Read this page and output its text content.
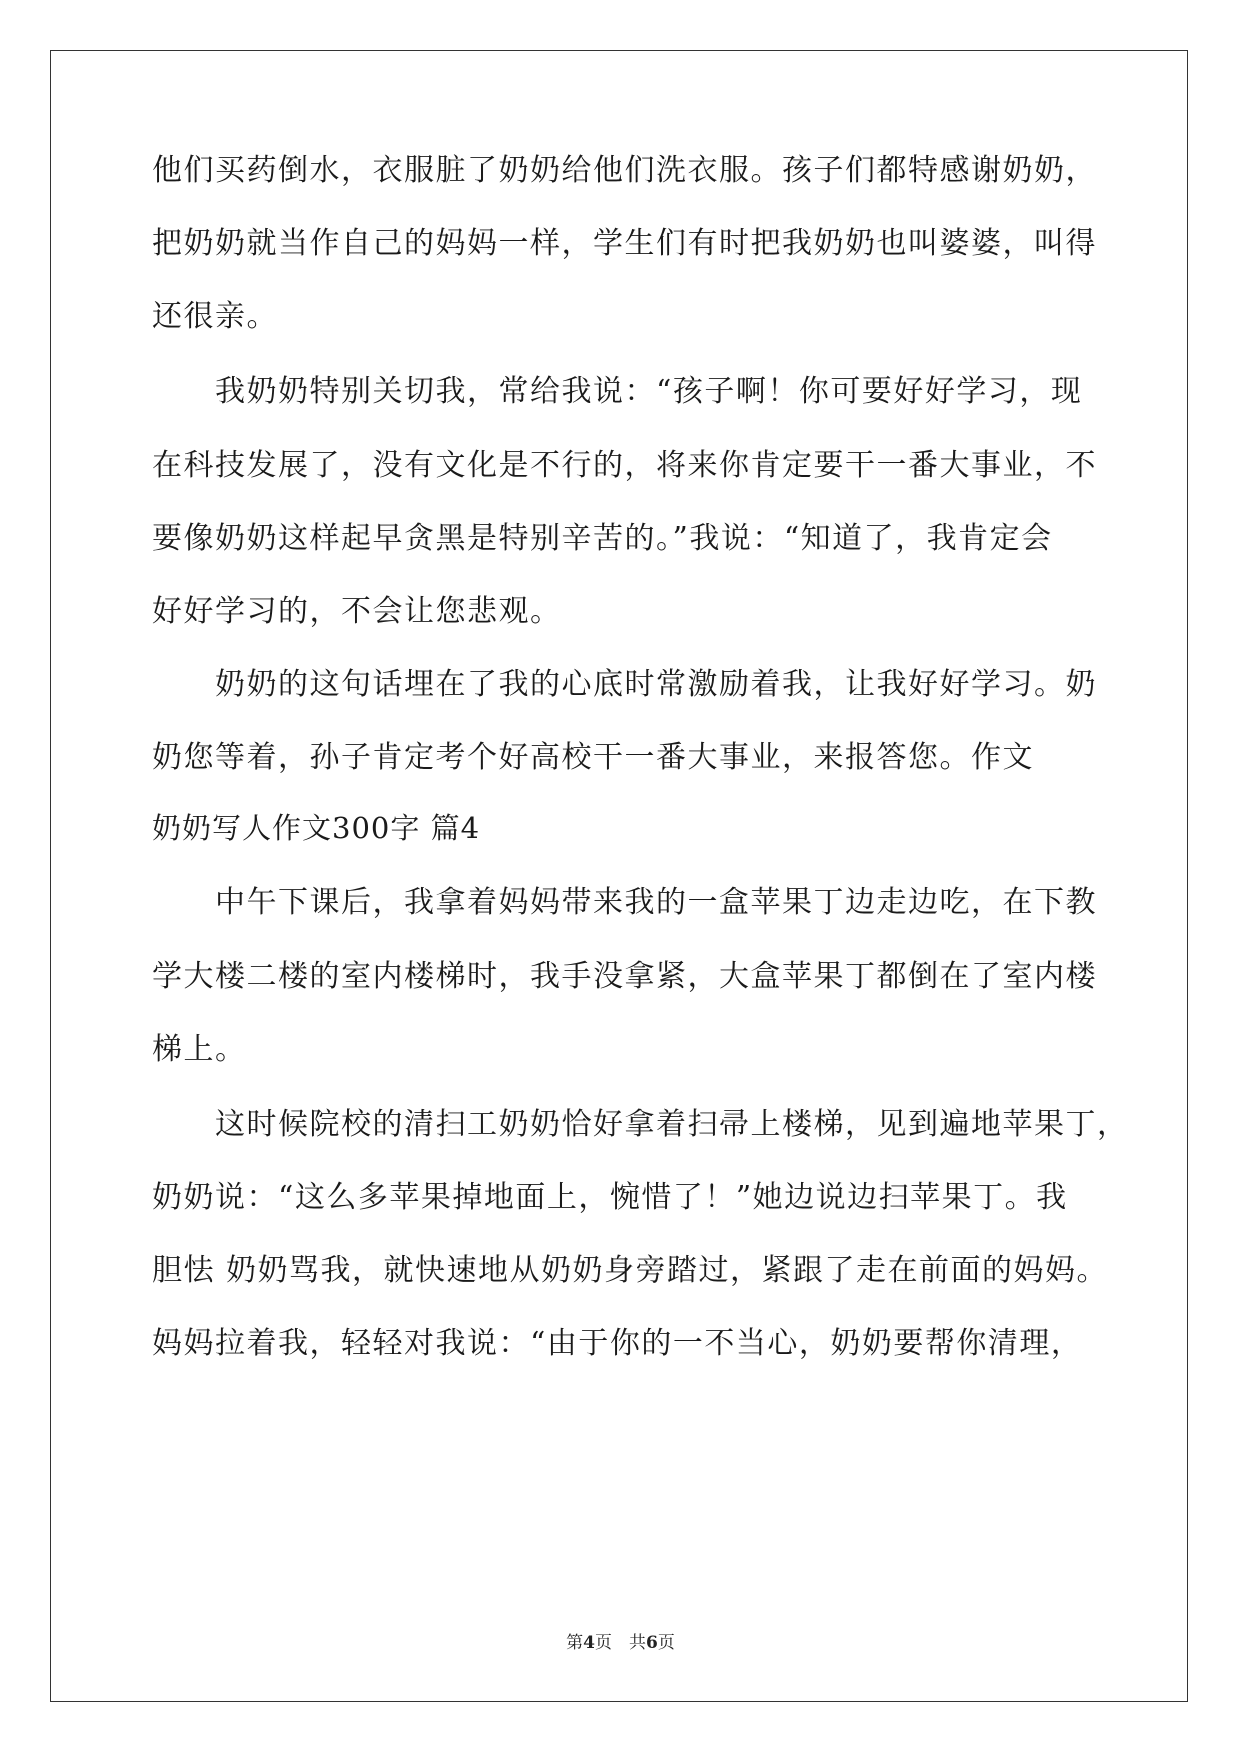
他们买药倒水，衣服脏了奶奶给他们洗衣服。孩子们都特感谢奶奶，

把奶奶就当作自己的妈妈一样，学生们有时把我奶奶也叫婆婆，叫得

还很亲。

　　我奶奶特别关切我，常给我说：“孩子啊！你可要好好学习，现

在科技发展了，没有文化是不行的，将来你肯定要干一番大事业，不

要像奶奶这样起早贪黑是特别辛苦的。”我说：“知道了，我肯定会

好好学习的，不会让您悲观。

　　奶奶的这句话埋在了我的心底时常激励着我，让我好好学习。奶

奶您等着，孙子肯定考个好高校干一番大事业，来报答您。作文

奶奶写人作文300字 篇4

　　中午下课后，我拿着妈妈带来我的一盒苹果丁边走边吃，在下教

学大楼二楼的室内楼梯时，我手没拿紧，大盒苹果丁都倒在了室内楼

梯上。

　　这时候院校的清扫工奶奶恰好拿着扫帚上楼梯，见到遍地苹果丁，

奶奶说：“这么多苹果掉地面上，惋惜了！”她边说边扫苹果丁。我

胆怯 奶奶骂我，就快速地从奶奶身旁踏过，紧跟了走在前面的妈妈。

妈妈拉着我，轻轻对我说：“由于你的一不当心，奶奶要帮你清理，

第4页　共6页
